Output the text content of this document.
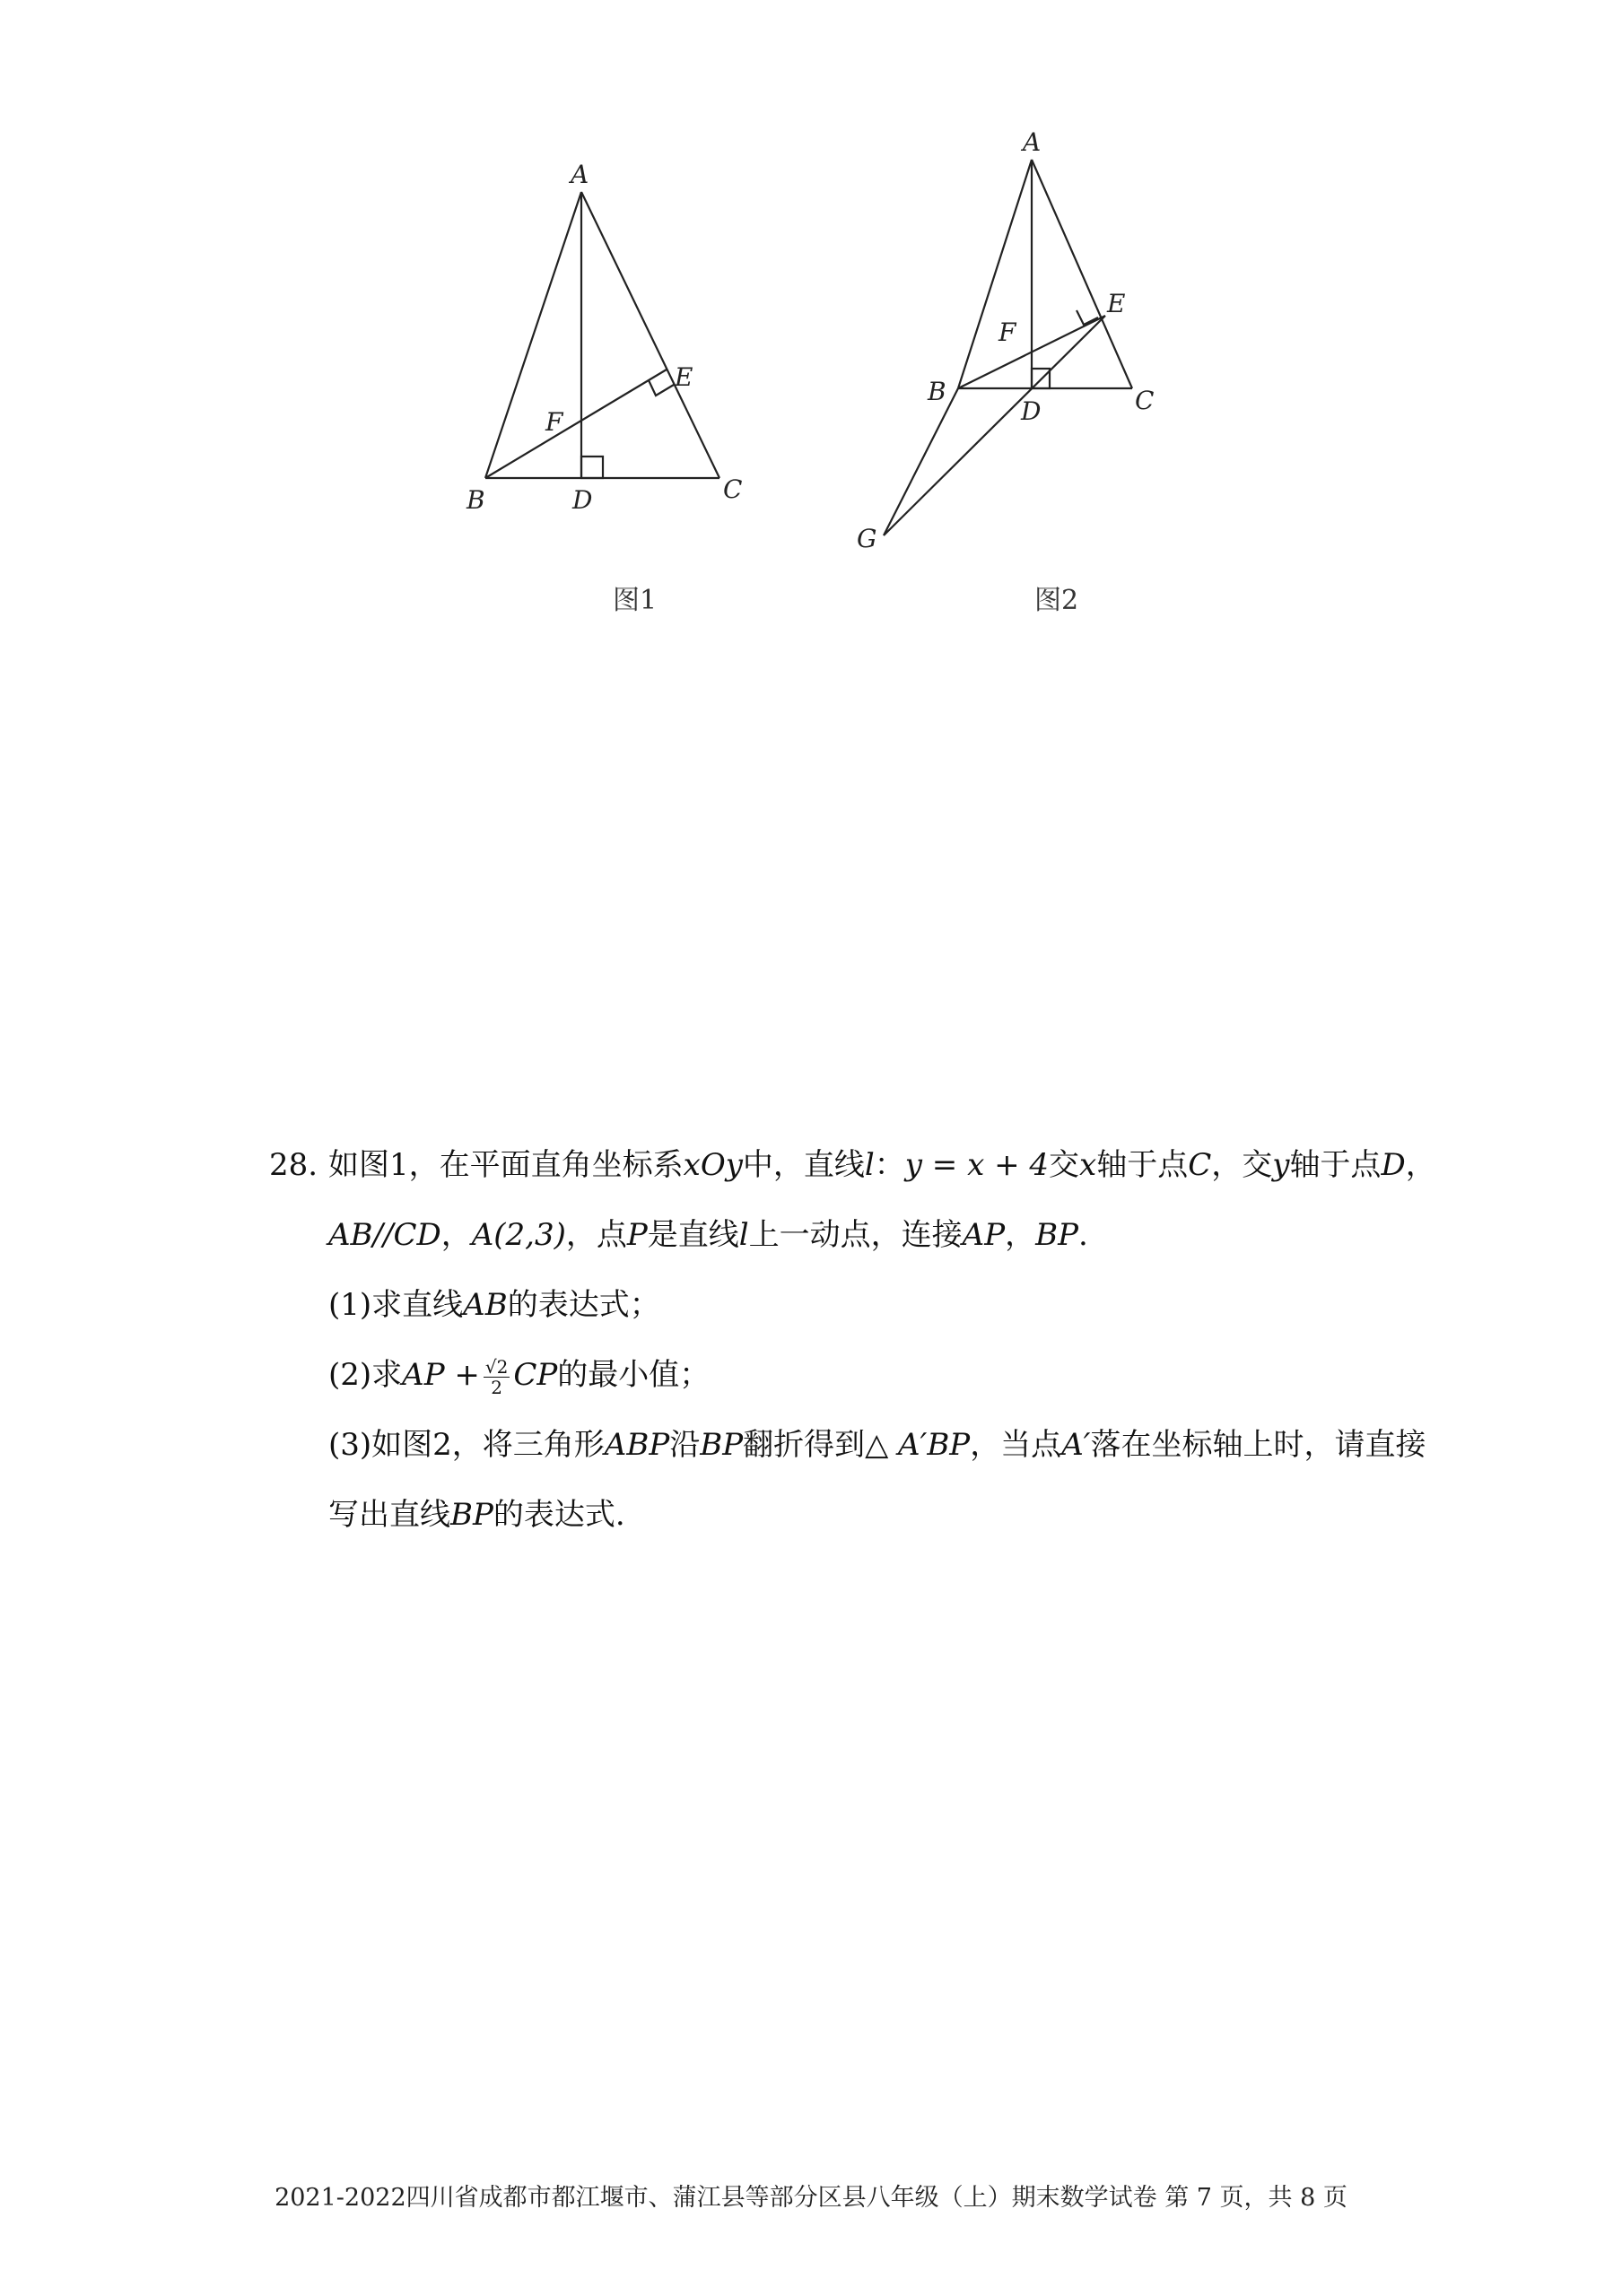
A
B	C
D
E
F
A
B	C
D
E
F
G
图1	图2
28. 如图1，在平面直角坐标系xOy中，直线l：y = x + 4交x轴于点C，交y轴于点D，
AB//CD，A(2,3)，点P是直线l上一动点，连接AP，BP.
(1)求直线AB的表达式；
(2)求AP + $\frac{√2}{2}$ CP的最小值；
(3)如图2，将三角形ABP沿BP翻折得到△ A′BP，当点A′落在坐标轴上时，请直接
写出直线BP的表达式.
2021-2022四川省成都市都江堰市、蒲江县等部分区县八年级（上）期末数学试卷 第 7 页，共 8 页
